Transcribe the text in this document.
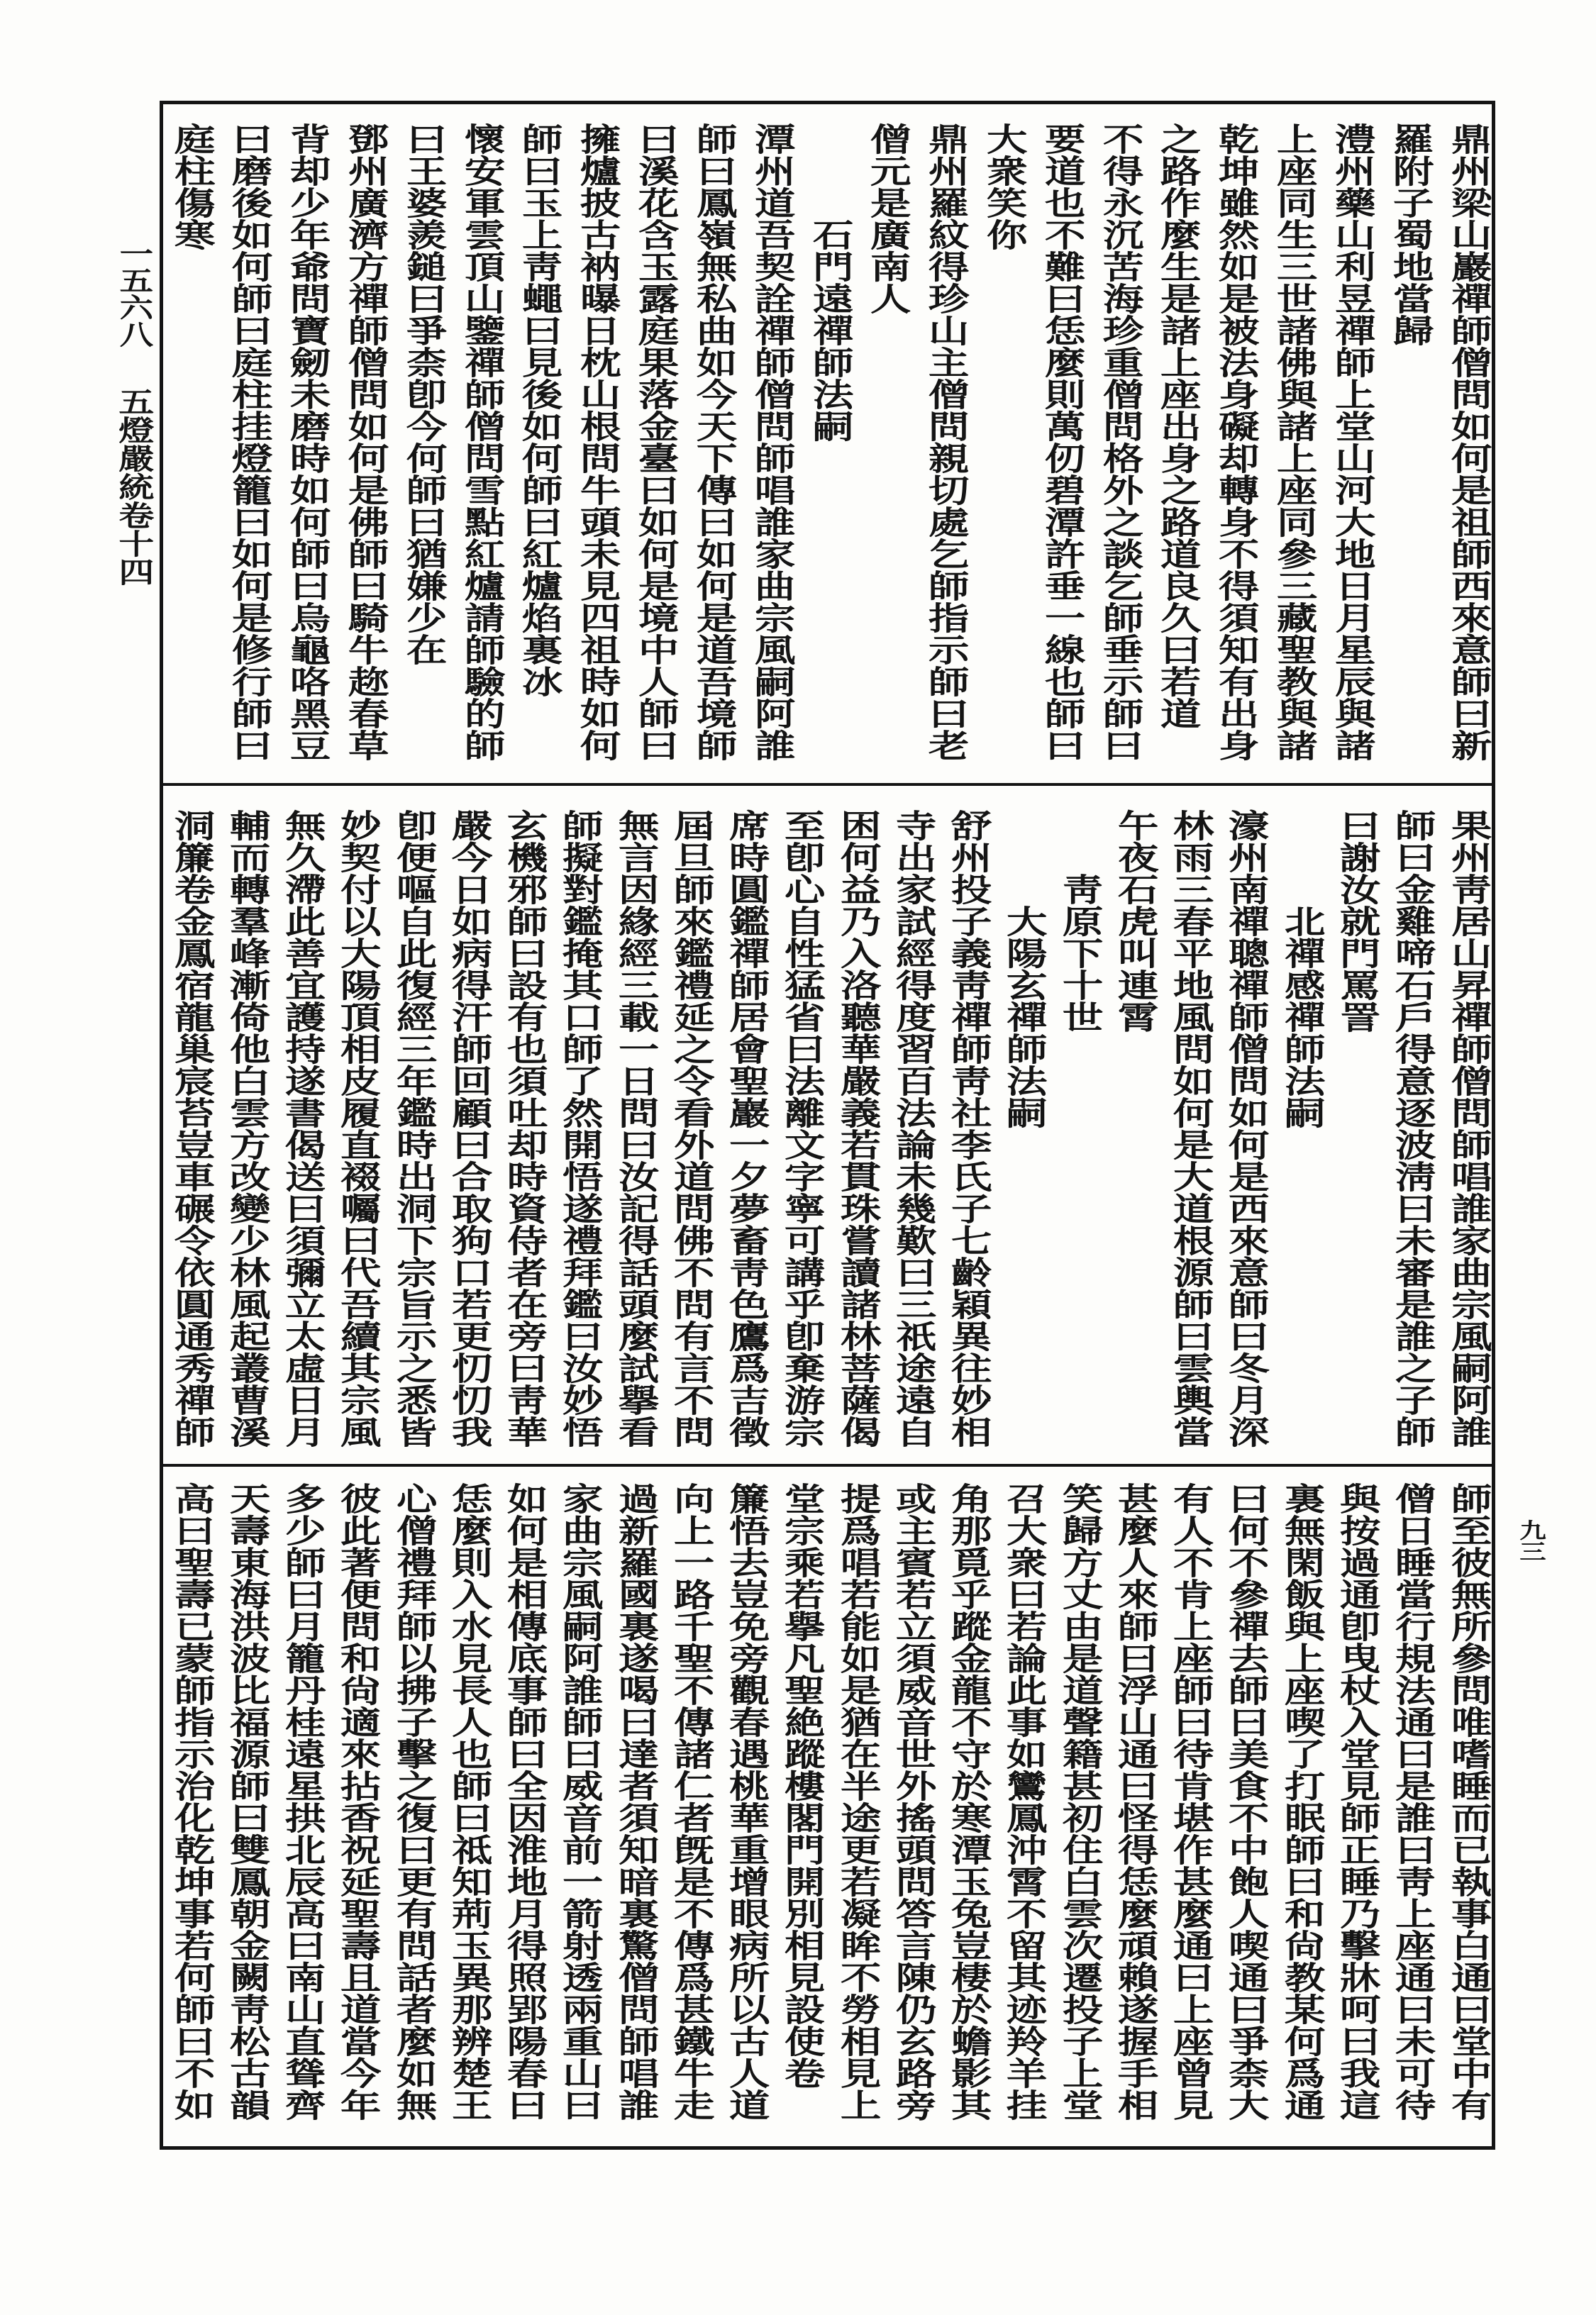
一五六八
五燈嚴統卷十四
九三
鼎州梁山巖禪師僧問如何是祖師西來意師曰新
羅附子蜀地當歸
澧州藥山利昱禪師上堂山河大地日月星辰與諸
上座同生三世諸佛與諸上座同參三藏聖教與諸
乾坤雖然如是被法身礙却轉身不得須知有出身
之路作麼生是諸上座出身之路道良久曰若道
不得永沉苦海珍重僧問格外之談乞師垂示師曰
要道也不難曰恁麼則萬仞碧潭許垂一線也師曰
大衆笑你
鼎州羅紋得珍山主僧問親切處乞師指示師曰老
僧元是廣南人
石門遠禪師法嗣
潭州道吾契詮禪師僧問師唱誰家曲宗風嗣阿誰
師曰鳳嶺無私曲如今天下傳曰如何是道吾境師
曰溪花含玉露庭果落金臺曰如何是境中人師曰
擁爐披古衲曝日枕山根問牛頭未見四祖時如何
師曰玉上靑蠅曰見後如何師曰紅爐焰裏冰
懷安軍雲頂山鑒禪師僧問雪點紅爐請師驗的師
曰王婆羨鎚曰爭柰卽今何師曰猶嫌少在
鄧州廣濟方禪師僧問如何是佛師曰騎牛趂春草
背却少年爺問寶劒未磨時如何師曰烏龜咯黑豆
曰磨後如何師曰庭柱挂燈籠曰如何是修行師曰
庭柱傷寒
果州靑居山昇禪師僧問師唱誰家曲宗風嗣阿誰
師曰金雞啼石戶得意逐波淸曰未審是誰之子師
曰謝汝就門罵詈
北禪感禪師法嗣
濠州南禪聰禪師僧問如何是西來意師曰冬月深
林雨三春平地風問如何是大道根源師曰雲輿當
午夜石虎叫連霄
靑原下十世
大陽玄禪師法嗣
舒州投子義靑禪師靑社李氏子七齡穎異往妙相
寺出家試經得度習百法論未幾歎曰三祇途遠自
困何益乃入洛聽華嚴義若貫珠嘗讀諸林菩薩偈
至卽心自性猛省曰法離文字寧可講乎卽棄游宗
席時圓鑑禪師居會聖巖一夕夢畜靑色鷹爲吉徵
屆旦師來鑑禮延之令看外道問佛不問有言不問
無言因緣經三載一日問曰汝記得話頭麼試擧看
師擬對鑑掩其口師了然開悟遂禮拜鑑曰汝妙悟
玄機邪師曰設有也須吐却時資侍者在旁曰靑華
嚴今日如病得汗師回顧曰合取狗口若更忉忉我
卽便嘔自此復經三年鑑時出洞下宗旨示之悉皆
妙契付以大陽頂相皮履直裰囑曰代吾續其宗風
無久滯此善宜護持遂書偈送曰須彌立太虛日月
輔而轉羣峰漸倚他白雲方改變少林風起叢曹溪
洞簾卷金鳳宿龍巢宸苔豈車碾令依圓通秀禪師
師至彼無所參問唯嗜睡而已執事白通曰堂中有
僧日睡當行規法通曰是誰曰靑上座通曰未可待
與按過通卽曳杖入堂見師正睡乃擊牀呵曰我這
裏無閑飯與上座喫了打眠師曰和尙教某何爲通
曰何不參禪去師曰美食不中飽人喫通曰爭柰大
有人不肯上座師曰待肯堪作甚麼通曰上座曾見
甚麼人來師曰浮山通曰怪得恁麼頑賴遂握手相
笑歸方丈由是道聲籍甚初住白雲次遷投子上堂
召大衆曰若論此事如鸞鳳沖霄不留其迹羚羊挂
角那覓乎蹤金龍不守於寒潭玉兔豈棲於蟾影其
或主賓若立須威音世外搖頭問答言陳仍玄路旁
提爲唱若能如是猶在半途更若凝眸不勞相見上
堂宗乘若擧凡聖絶蹤樓閣門開別相見設使卷
簾悟去豈免旁觀春遇桃華重增眼病所以古人道
向上一路千聖不傳諸仁者旣是不傳爲甚鐵牛走
過新羅國裏遂喝曰達者須知暗裏驚僧問師唱誰
家曲宗風嗣阿誰師曰威音前一箭射透兩重山曰
如何是相傳底事師曰全因淮地月得照郢陽春曰
恁麼則入水見長人也師曰祗知荊玉異那辨楚王
心僧禮拜師以拂子擊之復曰更有問話者麼如無
彼此著便問和尙適來拈香祝延聖壽且道當今年
多少師曰月籠丹桂遠星拱北辰高曰南山直聳齊
天壽東海洪波比福源師曰雙鳳朝金闕靑松古韻
高曰聖壽已蒙師指示治化乾坤事若何師曰不如
